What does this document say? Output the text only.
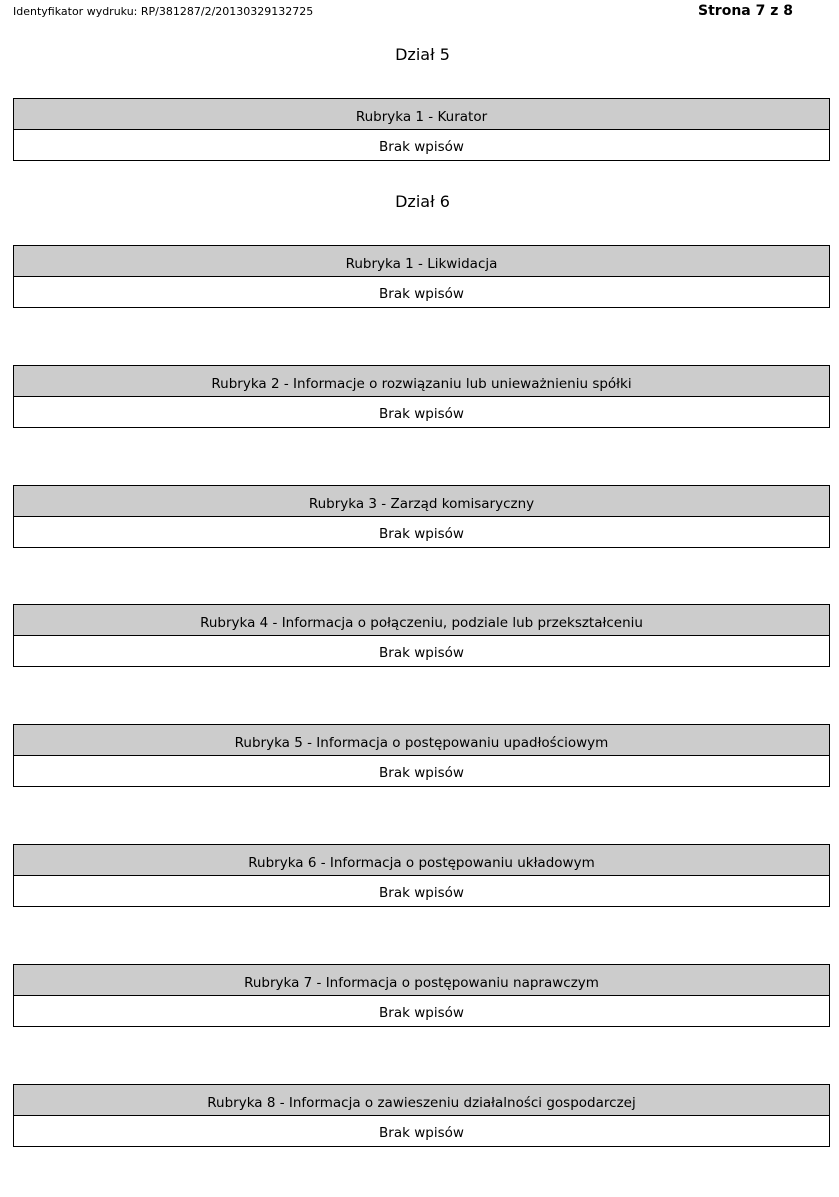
Identyfikator wydruku: RP/381287/2/20130329132725	Strona 7 z 8
Dział 5
Rubryka 1 - Kurator
Brak wpisów
Dział 6
Rubryka 1 - Likwidacja
Brak wpisów
Rubryka 2 - Informacje o rozwiązaniu lub unieważnieniu spółki
Brak wpisów
Rubryka 3 - Zarząd komisaryczny
Brak wpisów
Rubryka 4 - Informacja o połączeniu, podziale lub przekształceniu
Brak wpisów
Rubryka 5 - Informacja o postępowaniu upadłościowym
Brak wpisów
Rubryka 6 - Informacja o postępowaniu układowym
Brak wpisów
Rubryka 7 - Informacja o postępowaniu naprawczym
Brak wpisów
Rubryka 8 - Informacja o zawieszeniu działalności gospodarczej
Brak wpisów
